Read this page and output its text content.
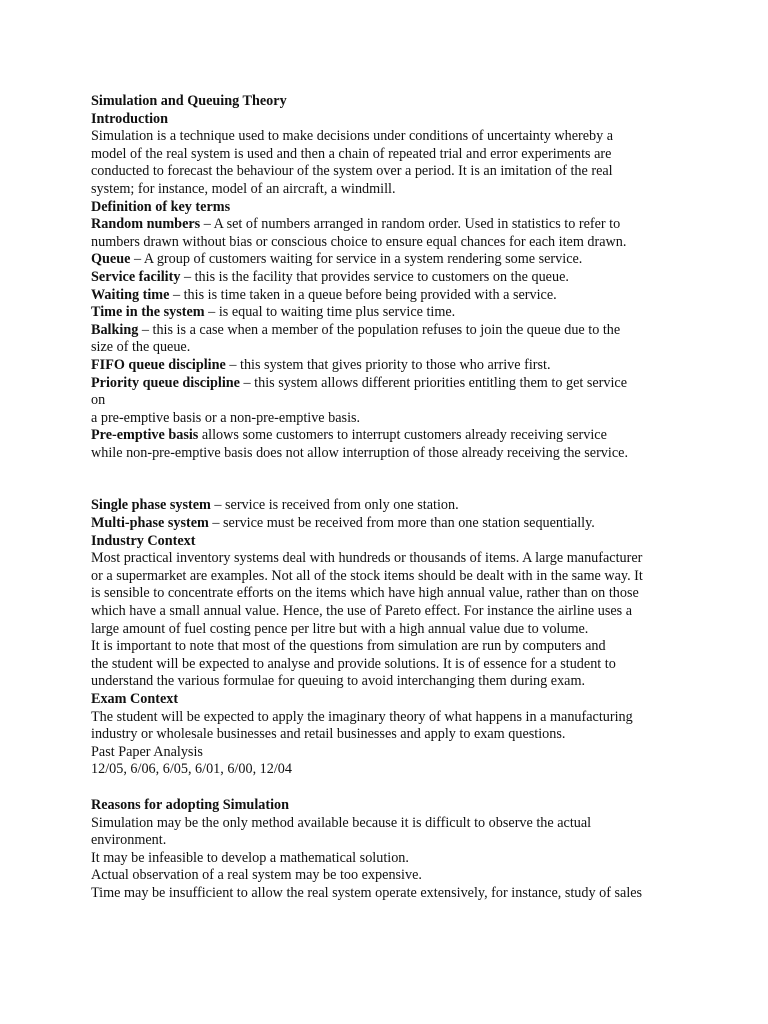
Simulation and Queuing Theory
Introduction
Simulation is a technique used to make decisions under conditions of uncertainty whereby a
model of the real system is used and then a chain of repeated trial and error experiments are
conducted to forecast the behaviour of the system over a period. It is an imitation of the real
system; for instance, model of an aircraft, a windmill.
Definition of key terms
Random numbers – A set of numbers arranged in random order. Used in statistics to refer to
numbers drawn without bias or conscious choice to ensure equal chances for each item drawn.
Queue – A group of customers waiting for service in a system rendering some service.
Service facility – this is the facility that provides service to customers on the queue.
Waiting time – this is time taken in a queue before being provided with a service.
Time in the system – is equal to waiting time plus service time.
Balking – this is a case when a member of the population refuses to join the queue due to the
size of the queue.
FIFO queue discipline – this system that gives priority to those who arrive first.
Priority queue discipline – this system allows different priorities entitling them to get service
on
a pre-emptive basis or a non-pre-emptive basis.
Pre-emptive basis allows some customers to interrupt customers already receiving service
while non-pre-emptive basis does not allow interruption of those already receiving the service.
Single phase system – service is received from only one station.
Multi-phase system – service must be received from more than one station sequentially.
Industry Context
Most practical inventory systems deal with hundreds or thousands of items. A large manufacturer
or a supermarket are examples. Not all of the stock items should be dealt with in the same way. It
is sensible to concentrate efforts on the items which have high annual value, rather than on those
which have a small annual value. Hence, the use of Pareto effect. For instance the airline uses a
large amount of fuel costing pence per litre but with a high annual value due to volume.
It is important to note that most of the questions from simulation are run by computers and
the student will be expected to analyse and provide solutions. It is of essence for a student to
understand the various formulae for queuing to avoid interchanging them during exam.
Exam Context
The student will be expected to apply the imaginary theory of what happens in a manufacturing
industry or wholesale businesses and retail businesses and apply to exam questions.
Past Paper Analysis
12/05, 6/06, 6/05, 6/01, 6/00, 12/04
Reasons for adopting Simulation
Simulation may be the only method available because it is difficult to observe the actual
environment.
It may be infeasible to develop a mathematical solution.
Actual observation of a real system may be too expensive.
Time may be insufficient to allow the real system operate extensively, for instance, study of sales
